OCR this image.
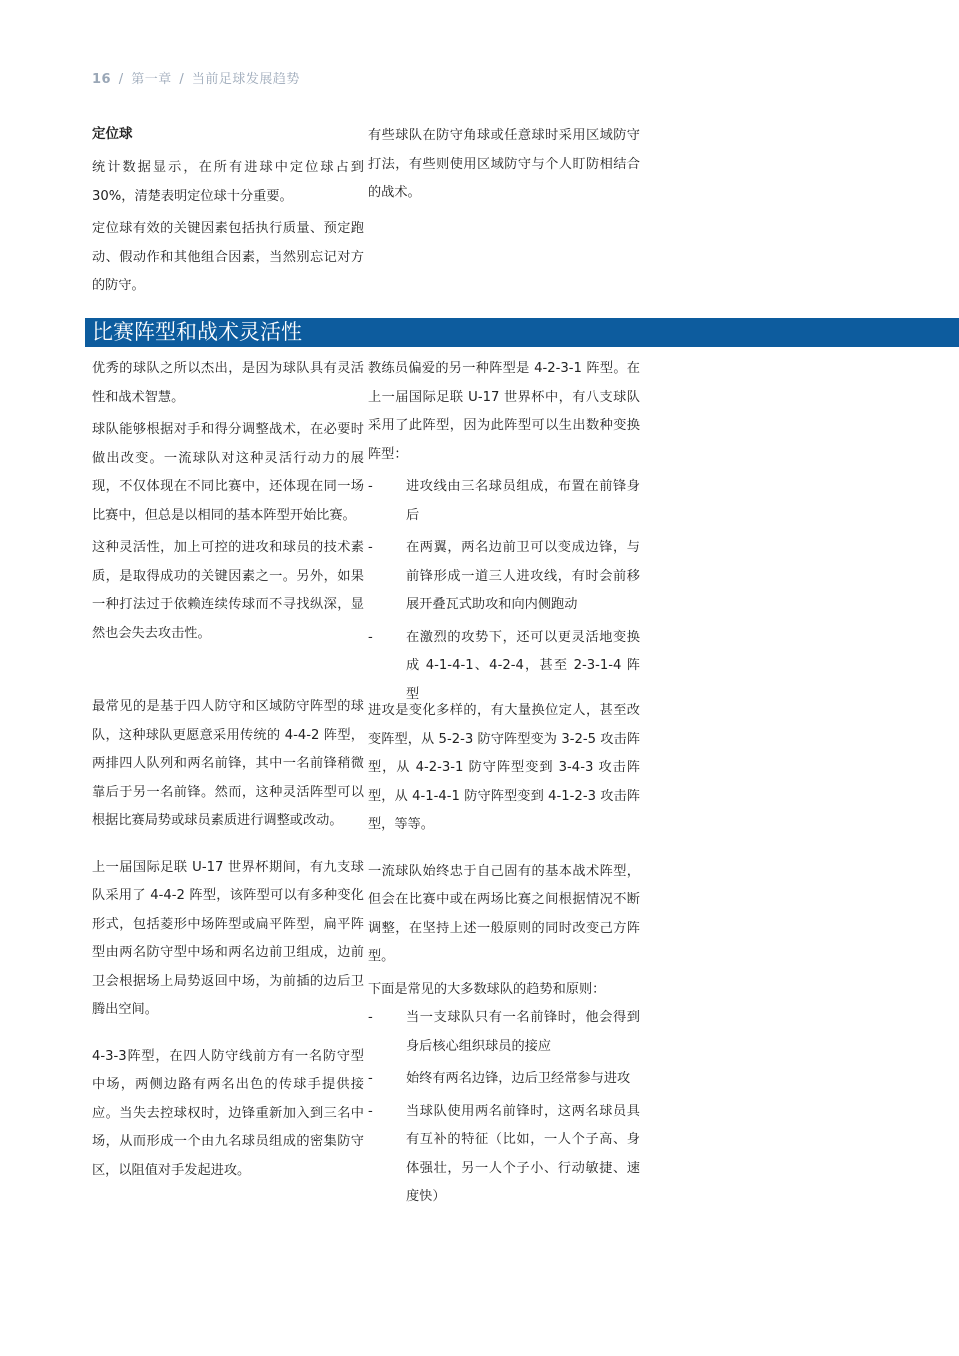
16 / 第一章 / 当前足球发展趋势
定位球

统计数据显示，在所有进球中定位球占到30%，清楚表明定位球十分重要。

定位球有效的关键因素包括执行质量、预定跑动、假动作和其他组合因素，当然别忘记对方的防守。

有些球队在防守角球或任意球时采用区域防守打法，有些则使用区域防守与个人盯防相结合的战术。

比赛阵型和战术灵活性

优秀的球队之所以杰出，是因为球队具有灵活性和战术智慧。

球队能够根据对手和得分调整战术，在必要时做出改变。一流球队对这种灵活行动力的展现，不仅体现在不同比赛中，还体现在同一场比赛中，但总是以相同的基本阵型开始比赛。

这种灵活性，加上可控的进攻和球员的技术素质，是取得成功的关键因素之一。另外，如果一种打法过于依赖连续传球而不寻找纵深，显然也会失去攻击性。

最常见的是基于四人防守和区域防守阵型的球队，这种球队更愿意采用传统的 4-4-2 阵型，两排四人队列和两名前锋，其中一名前锋稍微靠后于另一名前锋。然而，这种灵活阵型可以根据比赛局势或球员素质进行调整或改动。

上一届国际足联 U-17 世界杯期间，有九支球队采用了 4-4-2 阵型，该阵型可以有多种变化形式，包括菱形中场阵型或扁平阵型，扁平阵型由两名防守型中场和两名边前卫组成，边前卫会根据场上局势返回中场，为前插的边后卫腾出空间。

4-3-3阵型，在四人防守线前方有一名防守型中场，两侧边路有两名出色的传球手提供接应。当失去控球权时，边锋重新加入到三名中场，从而形成一个由九名球员组成的密集防守区，以阻值对手发起进攻。

教练员偏爱的另一种阵型是 4-2-3-1 阵型。在上一届国际足联 U-17 世界杯中，有八支球队采用了此阵型，因为此阵型可以生出数种变换阵型：

-	进攻线由三名球员组成，布置在前锋身后
-	在两翼，两名边前卫可以变成边锋，与前锋形成一道三人进攻线，有时会前移展开叠瓦式助攻和向内侧跑动
-	在激烈的攻势下，还可以更灵活地变换成 4-1-4-1、4-2-4，甚至 2-3-1-4 阵型

进攻是变化多样的，有大量换位定人，甚至改变阵型，从 5-2-3 防守阵型变为 3-2-5 攻击阵型，从 4-2-3-1 防守阵型变到 3-4-3 攻击阵型，从 4-1-4-1 防守阵型变到 4-1-2-3 攻击阵型，等等。

一流球队始终忠于自己固有的基本战术阵型，但会在比赛中或在两场比赛之间根据情况不断调整，在坚持上述一般原则的同时改变己方阵型。

下面是常见的大多数球队的趋势和原则：

-	当一支球队只有一名前锋时，他会得到身后核心组织球员的接应
-	始终有两名边锋，边后卫经常参与进攻
-	当球队使用两名前锋时，这两名球员具有互补的特征（比如，一人个子高、身体强壮，另一人个子小、行动敏捷、速度快）
